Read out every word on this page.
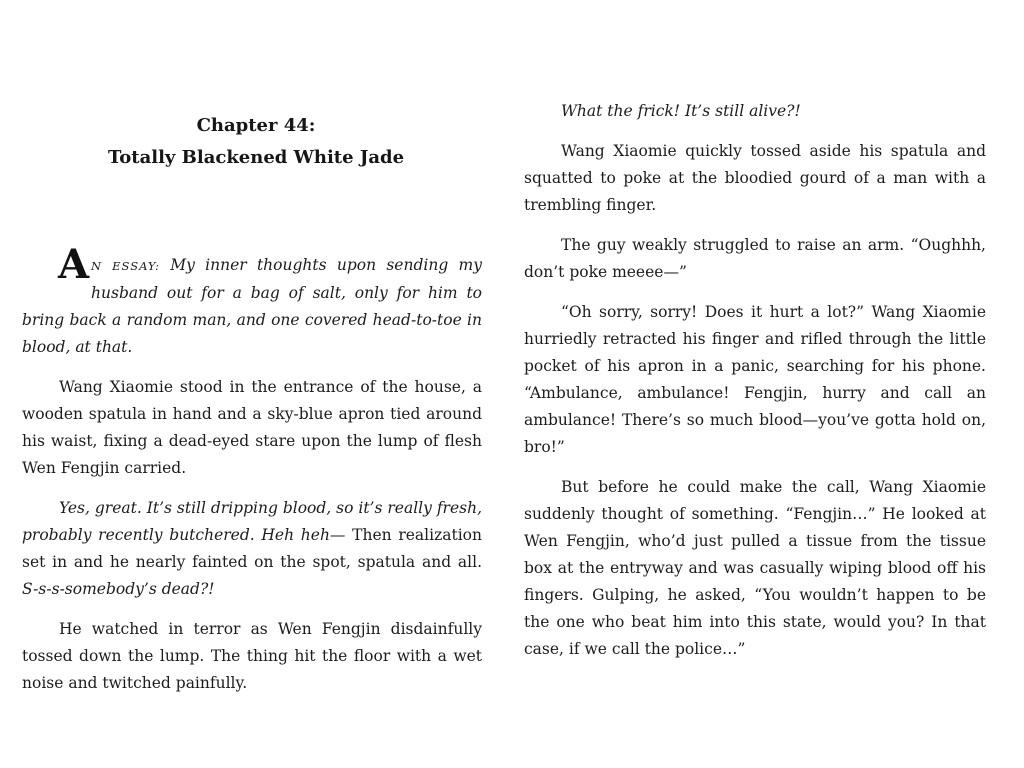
Chapter 44:
Totally Blackened White Jade

A N ESSAY: My inner thoughts upon sending my husband out for a bag of salt, only for him to bring back a random man, and one covered head-to-toe in blood, at that.

Wang Xiaomie stood in the entrance of the house, a wooden spatula in hand and a sky-blue apron tied around his waist, fixing a dead-eyed stare upon the lump of flesh Wen Fengjin carried.

Yes, great. It’s still dripping blood, so it’s really fresh, probably recently butchered. Heh heh— Then realization set in and he nearly fainted on the spot, spatula and all. S-s-s-somebody’s dead?!

He watched in terror as Wen Fengjin disdainfully tossed down the lump. The thing hit the floor with a wet noise and twitched painfully.

What the frick! It’s still alive?!

Wang Xiaomie quickly tossed aside his spatula and squatted to poke at the bloodied gourd of a man with a trembling finger.

The guy weakly struggled to raise an arm. “Oughhh, don’t poke meeee—”

“Oh sorry, sorry! Does it hurt a lot?” Wang Xiaomie hurriedly retracted his finger and rifled through the little pocket of his apron in a panic, searching for his phone. “Ambulance, ambulance! Fengjin, hurry and call an ambulance! There’s so much blood—you’ve gotta hold on, bro!”

But before he could make the call, Wang Xiaomie suddenly thought of something. “Fengjin…” He looked at Wen Fengjin, who’d just pulled a tissue from the tissue box at the entryway and was casually wiping blood off his fingers. Gulping, he asked, “You wouldn’t happen to be the one who beat him into this state, would you? In that case, if we call the police…”
